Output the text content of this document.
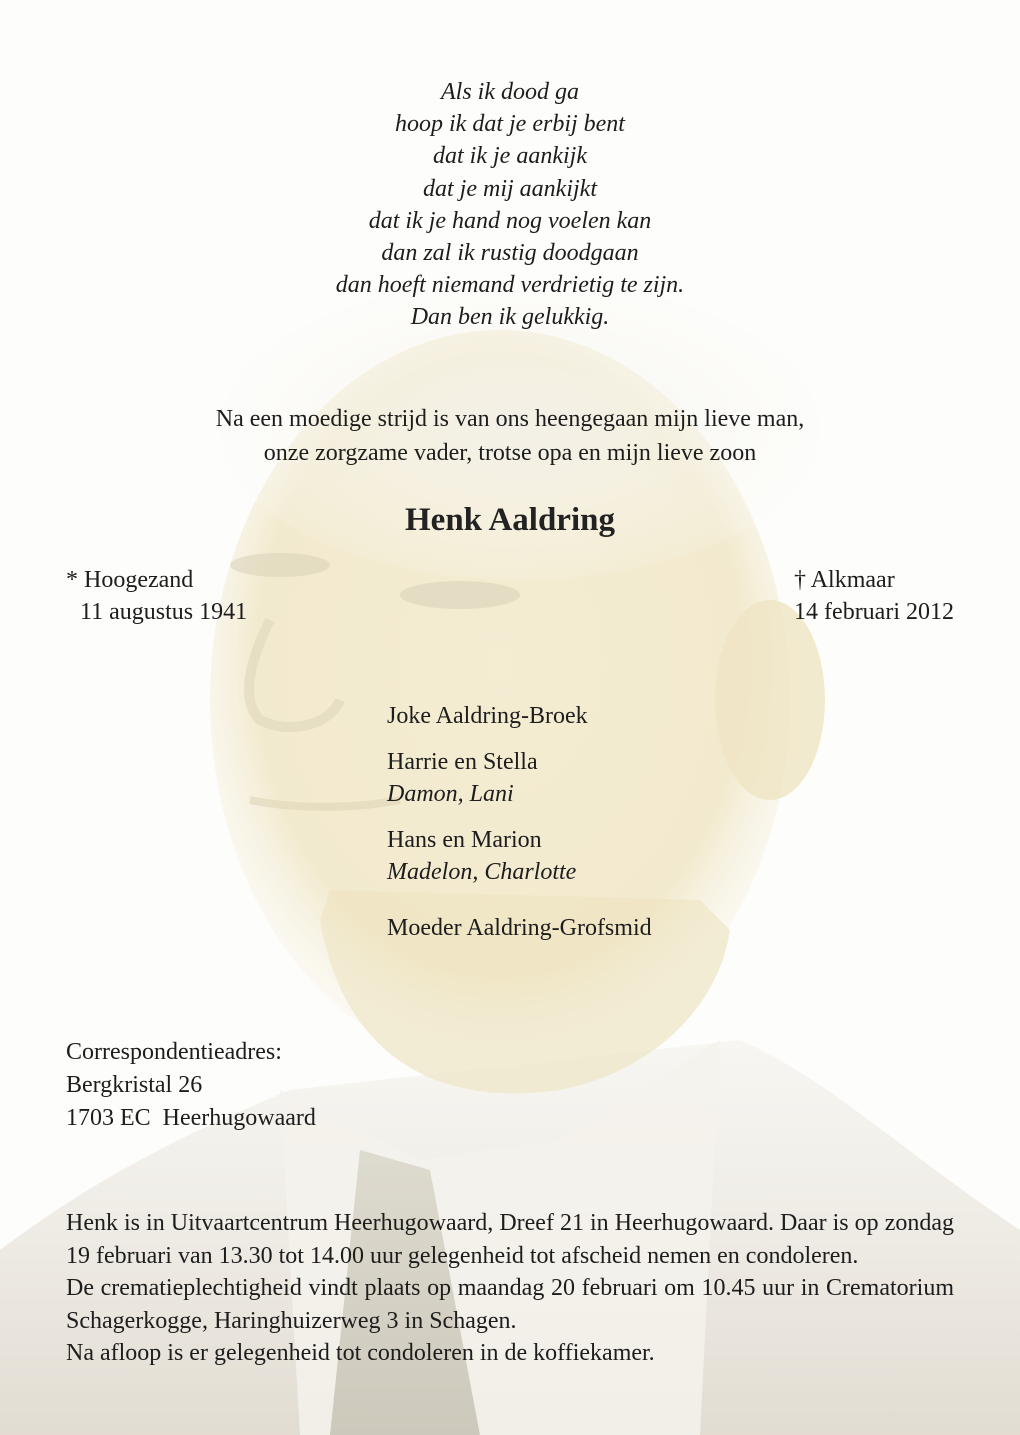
Als ik dood ga
hoop ik dat je erbij bent
dat ik je aankijk
dat je mij aankijkt
dat ik je hand nog voelen kan
dan zal ik rustig doodgaan
dan hoeft niemand verdrietig te zijn.
Dan ben ik gelukkig.
Na een moedige strijd is van ons heengegaan mijn lieve man,
onze zorgzame vader, trotse opa en mijn lieve zoon
Henk Aaldring
* Hoogezand
11 augustus 1941
† Alkmaar
14 februari 2012
Joke Aaldring-Broek
Harrie en Stella
Damon, Lani
Hans en Marion
Madelon, Charlotte
Moeder Aaldring-Grofsmid
Correspondentieadres:
Bergkristal 26
1703 EC  Heerhugowaard

Henk is in Uitvaartcentrum Heerhugowaard, Dreef 21 in Heerhugowaard. Daar is op zondag 19 februari van 13.30 tot 14.00 uur gelegenheid tot afscheid nemen en condoleren.

De crematieplechtigheid vindt plaats op maandag 20 februari om 10.45 uur in Crematorium Schagerkogge, Haringhuizerweg 3 in Schagen.

Na afloop is er gelegenheid tot condoleren in de koffiekamer.
